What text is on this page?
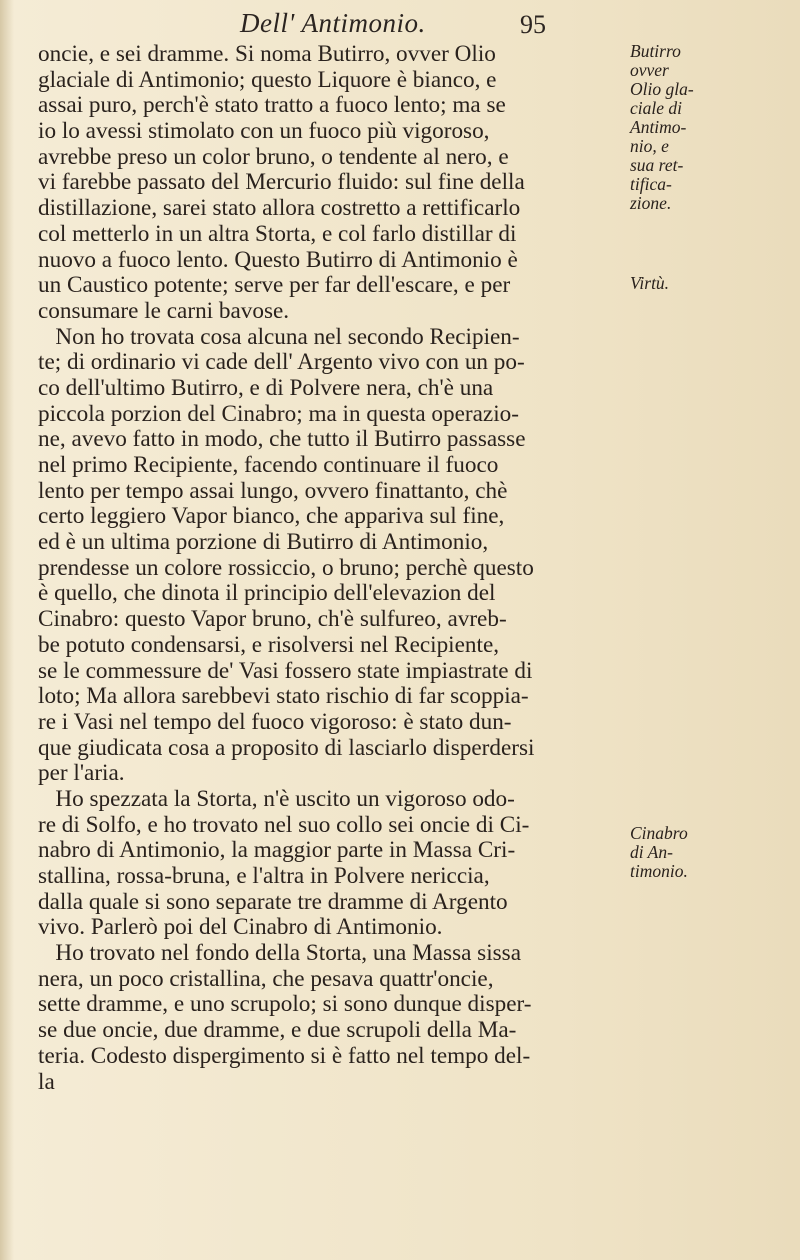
Dell' Antimonio.	95
oncie, e sei dramme. Si noma Butirro, ovver Olio
glaciale di Antimonio; questo Liquore è bianco, e
assai puro, perch'è stato tratto a fuoco lento; ma se
io lo avessi stimolato con un fuoco più vigoroso,
avrebbe preso un color bruno, o tendente al nero, e
vi farebbe passato del Mercurio fluido: sul fine della
distillazione, sarei stato allora costretto a rettificarlo
col metterlo in un altra Storta, e col farlo distillar di
nuovo a fuoco lento. Questo Butirro di Antimonio è
un Caustico potente; serve per far dell'escare, e per
consumare le carni bavose.
Non ho trovata cosa alcuna nel secondo Recipien-
te; di ordinario vi cade dell' Argento vivo con un po-
co dell'ultimo Butirro, e di Polvere nera, ch'è una
piccola porzion del Cinabro; ma in questa operazio-
ne, avevo fatto in modo, che tutto il Butirro passasse
nel primo Recipiente, facendo continuare il fuoco
lento per tempo assai lungo, ovvero finattanto, chè
certo leggiero Vapor bianco, che appariva sul fine,
ed è un ultima porzione di Butirro di Antimonio,
prendesse un colore rossiccio, o bruno; perchè questo
è quello, che dinota il principio dell'elevazion del
Cinabro: questo Vapor bruno, ch'è sulfureo, avreb-
be potuto condensarsi, e risolversi nel Recipiente,
se le commessure de' Vasi fossero state impiastrate di
loto; Ma allora sarebbevi stato rischio di far scoppia-
re i Vasi nel tempo del fuoco vigoroso: è stato dun-
que giudicata cosa a proposito di lasciarlo disperdersi
per l'aria.
Ho spezzata la Storta, n'è uscito un vigoroso odo-
re di Solfo, e ho trovato nel suo collo sei oncie di Ci-
nabro di Antimonio, la maggior parte in Massa Cri-
stallina, rossa-bruna, e l'altra in Polvere nericcia,
dalla quale si sono separate tre dramme di Argento
vivo. Parlerò poi del Cinabro di Antimonio.
Ho trovato nel fondo della Storta, una Massa sissa
nera, un poco cristallina, che pesava quattr'oncie,
sette dramme, e uno scrupolo; si sono dunque disper-
se due oncie, due dramme, e due scrupoli della Ma-
teria. Codesto dispergimento si è fatto nel tempo del-
la
Butirro
ovver
Olio gla-
ciale di
Antimo-
nio, e
sua ret-
tifica-
zione.
Virtù.
Cinabro
di An-
timonio.
